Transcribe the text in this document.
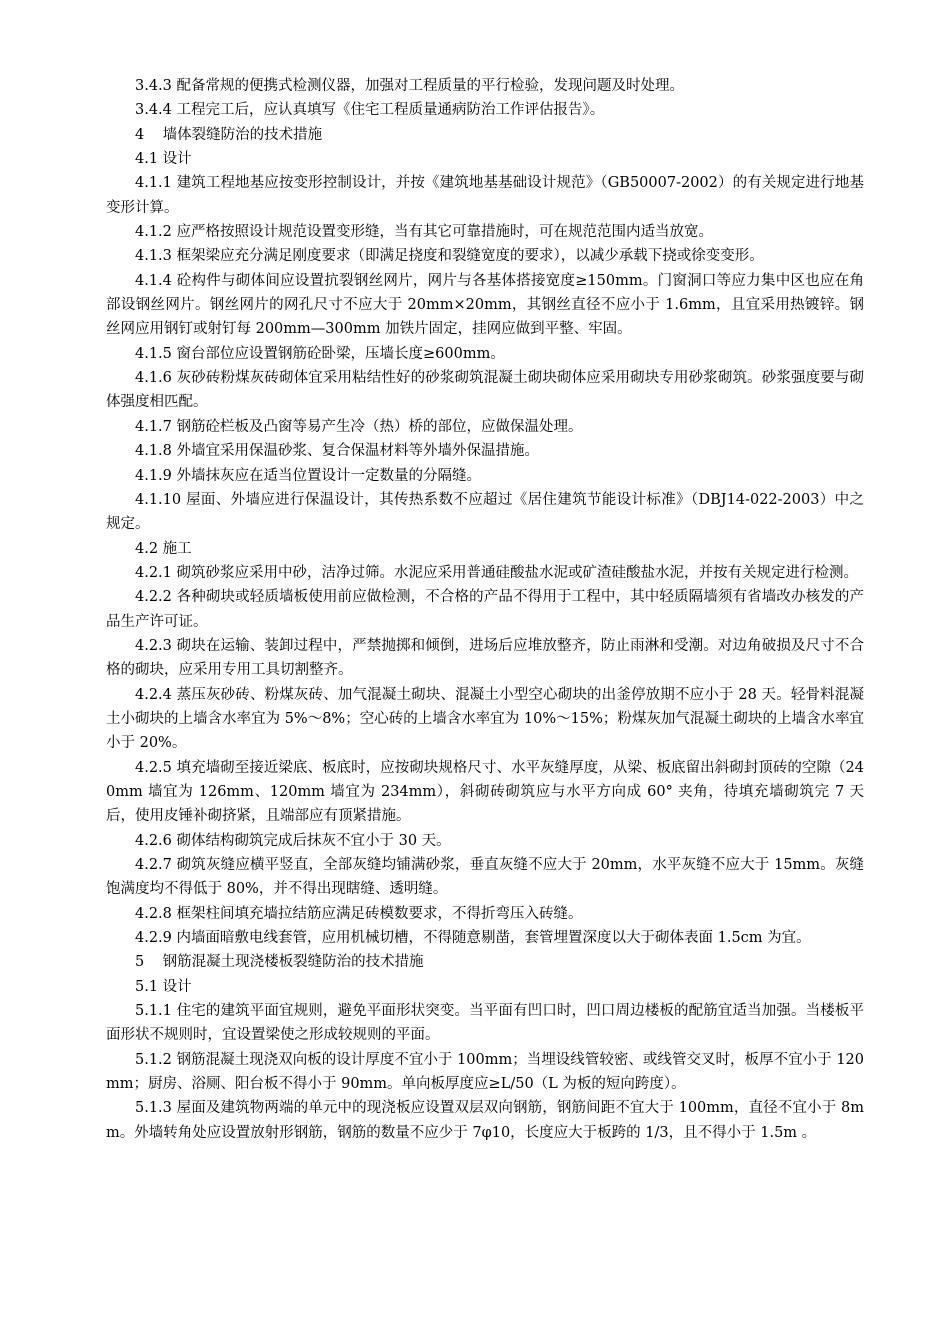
3.4.3 配备常规的便携式检测仪器，加强对工程质量的平行检验，发现问题及时处理。

3.4.4 工程完工后，应认真填写《住宅工程质量通病防治工作评估报告》。

4    墙体裂缝防治的技术措施

4.1 设计

4.1.1 建筑工程地基应按变形控制设计，并按《建筑地基基础设计规范》（GB50007-2002）的有关规定进行地基变形计算。

4.1.2 应严格按照设计规范设置变形缝，当有其它可靠措施时，可在规范范围内适当放宽。

4.1.3 框架梁应充分满足刚度要求（即满足挠度和裂缝宽度的要求），以减少承载下挠或徐变变形。

4.1.4 砼构件与砌体间应设置抗裂钢丝网片，网片与各基体搭接宽度≥150mm。门窗洞口等应力集中区也应在角部设钢丝网片。钢丝网片的网孔尺寸不应大于 20mm×20mm，其钢丝直径不应小于 1.6mm，且宜采用热镀锌。钢丝网应用钢钉或射钉每 200mm—300mm 加铁片固定，挂网应做到平整、牢固。

4.1.5 窗台部位应设置钢筋砼卧梁，压墙长度≥600mm。

4.1.6 灰砂砖粉煤灰砖砌体宜采用粘结性好的砂浆砌筑混凝土砌块砌体应采用砌块专用砂浆砌筑。砂浆强度要与砌体强度相匹配。

4.1.7 钢筋砼栏板及凸窗等易产生冷（热）桥的部位，应做保温处理。

4.1.8 外墙宜采用保温砂浆、复合保温材料等外墙外保温措施。

4.1.9 外墙抹灰应在适当位置设计一定数量的分隔缝。

4.1.10 屋面、外墙应进行保温设计，其传热系数不应超过《居住建筑节能设计标准》（DBJ14-022-2003）中之规定。

4.2 施工

4.2.1 砌筑砂浆应采用中砂，洁净过筛。水泥应采用普通硅酸盐水泥或矿渣硅酸盐水泥，并按有关规定进行检测。

4.2.2 各种砌块或轻质墙板使用前应做检测，不合格的产品不得用于工程中，其中轻质隔墙须有省墙改办核发的产品生产许可证。

4.2.3 砌块在运输、装卸过程中，严禁抛掷和倾倒，进场后应堆放整齐，防止雨淋和受潮。对边角破损及尺寸不合格的砌块，应采用专用工具切割整齐。

4.2.4 蒸压灰砂砖、粉煤灰砖、加气混凝土砌块、混凝土小型空心砌块的出釜停放期不应小于 28 天。轻骨料混凝土小砌块的上墙含水率宜为 5%～8%；空心砖的上墙含水率宜为 10%～15%；粉煤灰加气混凝土砌块的上墙含水率宜小于 20%。

4.2.5 填充墙砌至接近梁底、板底时，应按砌块规格尺寸、水平灰缝厚度，从梁、板底留出斜砌封顶砖的空隙（240mm 墙宜为 126mm、120mm 墙宜为 234mm），斜砌砖砌筑应与水平方向成 60° 夹角，待填充墙砌筑完 7 天后，使用皮锤补砌挤紧，且端部应有顶紧措施。

4.2.6 砌体结构砌筑完成后抹灰不宜小于 30 天。

4.2.7 砌筑灰缝应横平竖直，全部灰缝均铺满砂浆，垂直灰缝不应大于 20mm，水平灰缝不应大于 15mm。灰缝饱满度均不得低于 80%，并不得出现瞎缝、透明缝。

4.2.8 框架柱间填充墙拉结筋应满足砖模数要求，不得折弯压入砖缝。

4.2.9 内墙面暗敷电线套管，应用机械切槽，不得随意剔凿，套管埋置深度以大于砌体表面 1.5cm 为宜。

5    钢筋混凝土现浇楼板裂缝防治的技术措施

5.1 设计

5.1.1 住宅的建筑平面宜规则，避免平面形状突变。当平面有凹口时，凹口周边楼板的配筋宜适当加强。当楼板平面形状不规则时，宜设置梁使之形成较规则的平面。

5.1.2 钢筋混凝土现浇双向板的设计厚度不宜小于 100mm；当埋设线管较密、或线管交叉时，板厚不宜小于 120mm；厨房、浴厕、阳台板不得小于 90mm。单向板厚度应≥L/50（L 为板的短向跨度）。

5.1.3 屋面及建筑物两端的单元中的现浇板应设置双层双向钢筋，钢筋间距不宜大于 100mm，直径不宜小于 8mm。外墙转角处应设置放射形钢筋，钢筋的数量不应少于 7φ10，长度应大于板跨的 1/3，且不得小于 1.5m 。
